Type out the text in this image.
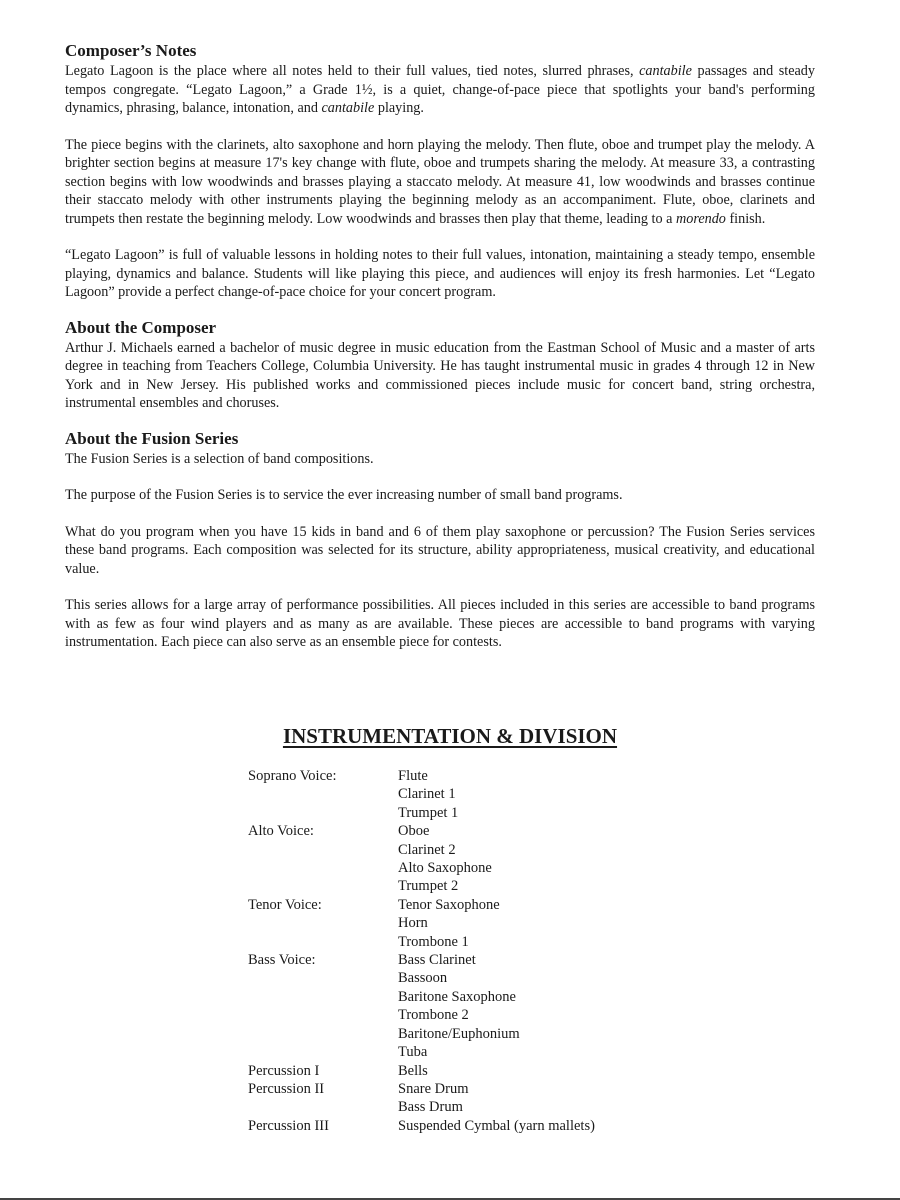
Composer’s Notes

Legato Lagoon is the place where all notes held to their full values, tied notes, slurred phrases, cantabile passages and steady tempos congregate. “Legato Lagoon,” a Grade 1½, is a quiet, change-of-pace piece that spotlights your band's performing dynamics, phrasing, balance, intonation, and cantabile playing.

The piece begins with the clarinets, alto saxophone and horn playing the melody. Then flute, oboe and trumpet play the melody. A brighter section begins at measure 17's key change with flute, oboe and trumpets sharing the melody. At measure 33, a contrasting section begins with low woodwinds and brasses playing a staccato melody. At measure 41, low woodwinds and brasses continue their staccato melody with other instruments playing the beginning melody as an accompaniment. Flute, oboe, clarinets and trumpets then restate the beginning melody. Low woodwinds and brasses then play that theme, leading to a morendo finish.

“Legato Lagoon” is full of valuable lessons in holding notes to their full values, intonation, maintaining a steady tempo, ensemble playing, dynamics and balance. Students will like playing this piece, and audiences will enjoy its fresh harmonies. Let “Legato Lagoon” provide a perfect change-of-pace choice for your concert program.

About the Composer

Arthur J. Michaels earned a bachelor of music degree in music education from the Eastman School of Music and a master of arts degree in teaching from Teachers College, Columbia University. He has taught instrumental music in grades 4 through 12 in New York and in New Jersey. His published works and commissioned pieces include music for concert band, string orchestra, instrumental ensembles and choruses.

About the Fusion Series

The Fusion Series is a selection of band compositions.

The purpose of the Fusion Series is to service the ever increasing number of small band programs.

What do you program when you have 15 kids in band and 6 of them play saxophone or percussion? The Fusion Series services these band programs. Each composition was selected for its structure, ability appropriateness, musical creativity, and educational value.

This series allows for a large array of performance possibilities. All pieces included in this series are accessible to band programs with as few as four wind players and as many as are available. These pieces are accessible to band programs with varying instrumentation. Each piece can also serve as an ensemble piece for contests.

INSTRUMENTATION & DIVISION
Soprano Voice:	Flute
Clarinet 1
Trumpet 1
Alto Voice:	Oboe
Clarinet 2
Alto Saxophone
Trumpet 2
Tenor Voice:	Tenor Saxophone
Horn
Trombone 1
Bass Voice:	Bass Clarinet
Bassoon
Baritone Saxophone
Trombone 2
Baritone/Euphonium
Tuba
Percussion I	Bells
Percussion II	Snare Drum
Bass Drum
Percussion III	Suspended Cymbal (yarn mallets)
